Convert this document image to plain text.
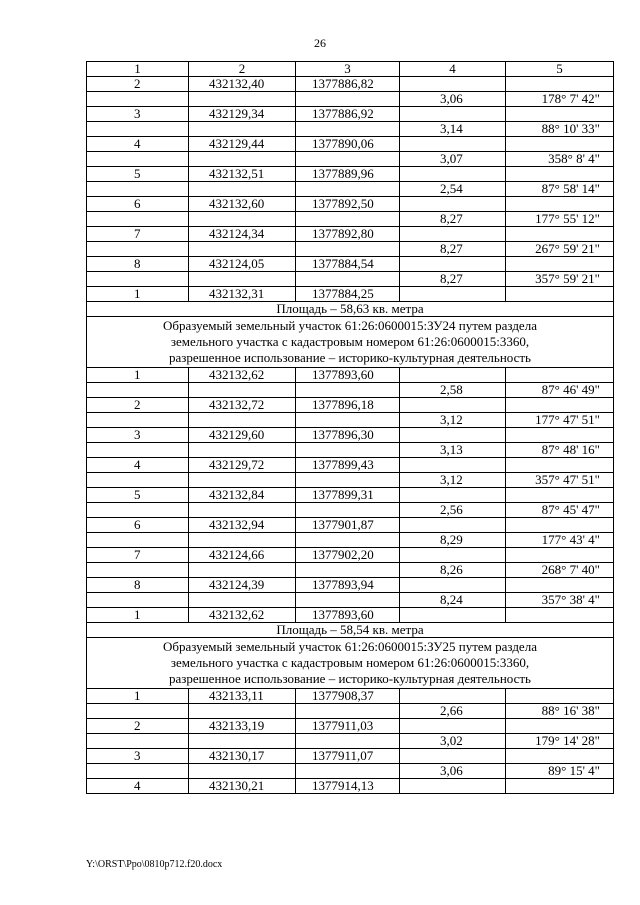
26
1	2	3	4	5
2	432132,40	1377886,82		
			3,06	178° 7' 42"
3	432129,34	1377886,92		
			3,14	88° 10' 33"
4	432129,44	1377890,06		
			3,07	358° 8' 4"
5	432132,51	1377889,96		
			2,54	87° 58' 14"
6	432132,60	1377892,50		
			8,27	177° 55' 12"
7	432124,34	1377892,80		
			8,27	267° 59' 21"
8	432124,05	1377884,54		
			8,27	357° 59' 21"
1	432132,31	1377884,25		
Площадь – 58,63 кв. метра				

Образуемый земельный участок 61:26:0600015:ЗУ24 путем раздела
земельного участка с кадастровым номером 61:26:0600015:3360,
разрешенное использование – историко-культурная деятельность				

1	432132,62	1377893,60		
			2,58	87° 46' 49"
2	432132,72	1377896,18		
			3,12	177° 47' 51"
3	432129,60	1377896,30		
			3,13	87° 48' 16"
4	432129,72	1377899,43		
			3,12	357° 47' 51"
5	432132,84	1377899,31		
			2,56	87° 45' 47"
6	432132,94	1377901,87		
			8,29	177° 43' 4"
7	432124,66	1377902,20		
			8,26	268° 7' 40"
8	432124,39	1377893,94		
			8,24	357° 38' 4"
1	432132,62	1377893,60		
Площадь – 58,54 кв. метра				

Образуемый земельный участок 61:26:0600015:ЗУ25 путем раздела
земельного участка с кадастровым номером 61:26:0600015:3360,
разрешенное использование – историко-культурная деятельность				

1	432133,11	1377908,37		
			2,66	88° 16' 38"
2	432133,19	1377911,03		
			3,02	179° 14' 28"
3	432130,17	1377911,07		
			3,06	89° 15' 4"
4	432130,21	1377914,13		
Y:\ORST\Ppo\0810p712.f20.docx
